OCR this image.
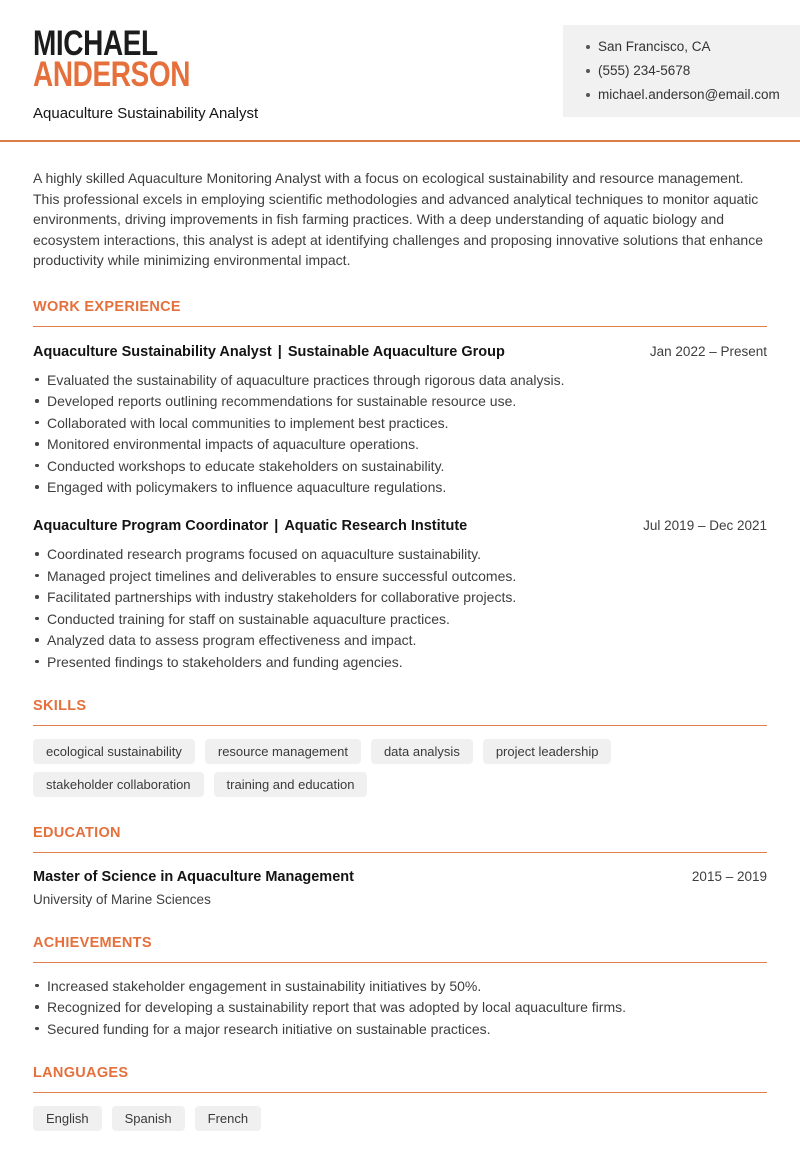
MICHAEL
ANDERSON
Aquaculture Sustainability Analyst
San Francisco, CA
(555) 234-5678
michael.anderson@email.com

A highly skilled Aquaculture Monitoring Analyst with a focus on ecological sustainability and resource management. This professional excels in employing scientific methodologies and advanced analytical techniques to monitor aquatic environments, driving improvements in fish farming practices. With a deep understanding of aquatic biology and ecosystem interactions, this analyst is adept at identifying challenges and proposing innovative solutions that enhance productivity while minimizing environmental impact.

WORK EXPERIENCE
Aquaculture Sustainability Analyst | Sustainable Aquaculture Group	Jan 2022 – Present
Evaluated the sustainability of aquaculture practices through rigorous data analysis.
Developed reports outlining recommendations for sustainable resource use.
Collaborated with local communities to implement best practices.
Monitored environmental impacts of aquaculture operations.
Conducted workshops to educate stakeholders on sustainability.
Engaged with policymakers to influence aquaculture regulations.
Aquaculture Program Coordinator | Aquatic Research Institute	Jul 2019 – Dec 2021
Coordinated research programs focused on aquaculture sustainability.
Managed project timelines and deliverables to ensure successful outcomes.
Facilitated partnerships with industry stakeholders for collaborative projects.
Conducted training for staff on sustainable aquaculture practices.
Analyzed data to assess program effectiveness and impact.
Presented findings to stakeholders and funding agencies.
SKILLS
ecological sustainability	resource management	data analysis	project leadership
stakeholder collaboration	training and education
EDUCATION
Master of Science in Aquaculture Management	2015 – 2019
University of Marine Sciences
ACHIEVEMENTS
Increased stakeholder engagement in sustainability initiatives by 50%.
Recognized for developing a sustainability report that was adopted by local aquaculture firms.
Secured funding for a major research initiative on sustainable practices.
LANGUAGES
English	Spanish	French
